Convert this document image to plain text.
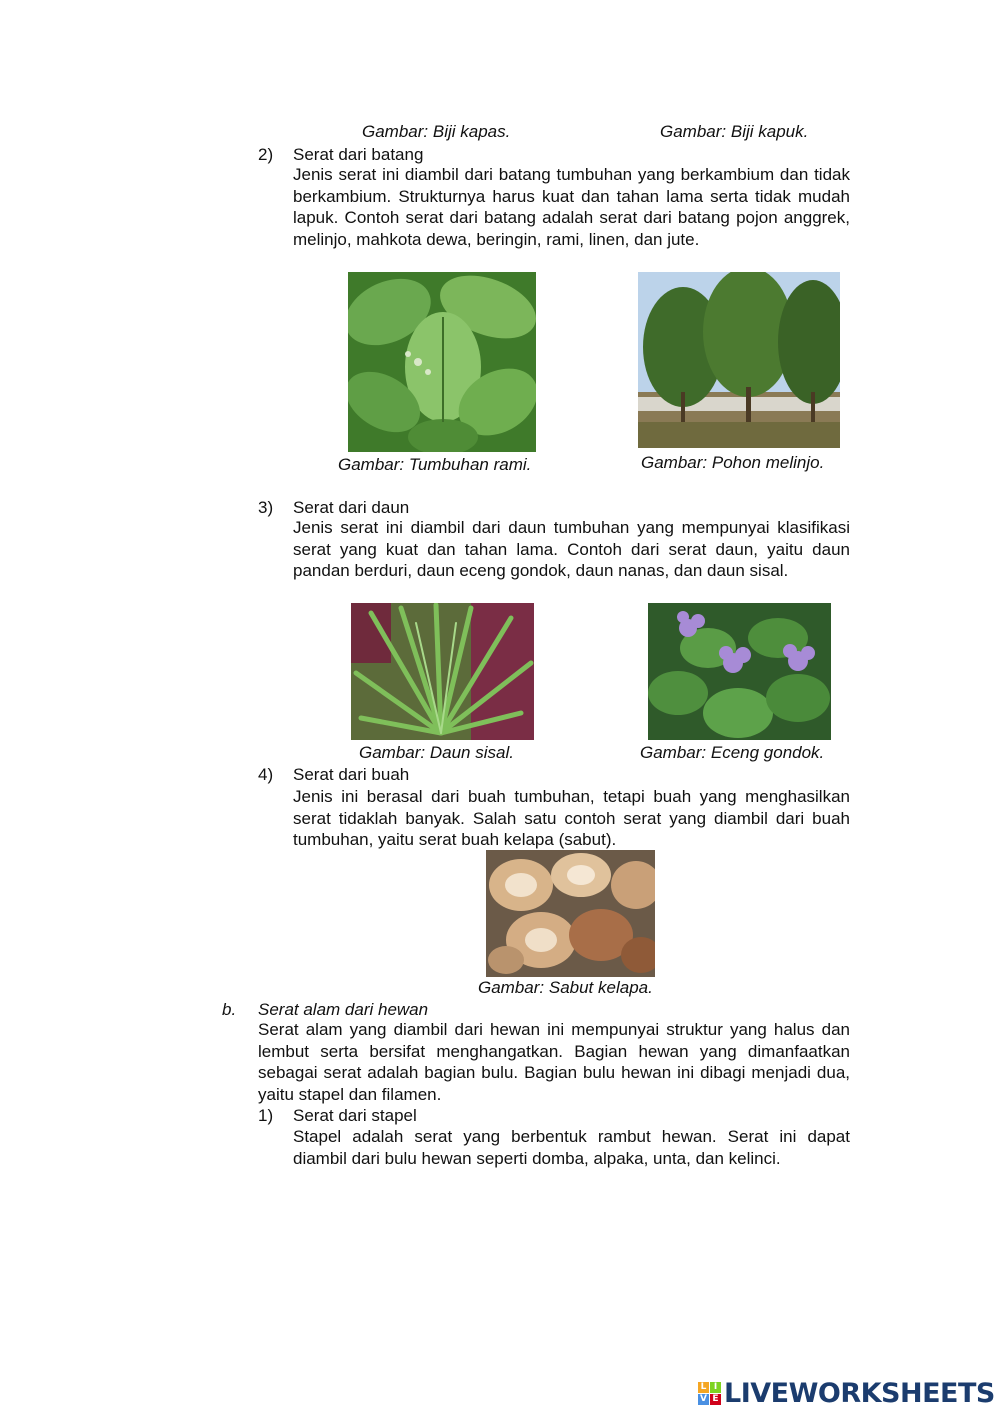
Gambar: Biji kapas.	Gambar: Biji kapuk.
2) Serat dari batang
Jenis serat ini diambil dari batang tumbuhan yang berkambium dan tidak berkambium. Strukturnya harus kuat dan tahan lama serta tidak mudah lapuk. Contoh serat dari batang adalah serat dari batang pojon anggrek, melinjo, mahkota dewa, beringin, rami, linen, dan jute.
Gambar: Tumbuhan rami.	Gambar: Pohon melinjo.
3) Serat dari daun
Jenis serat ini diambil dari daun tumbuhan yang mempunyai klasifikasi serat yang kuat dan tahan lama. Contoh dari serat daun, yaitu daun pandan berduri, daun eceng gondok, daun nanas, dan daun sisal.
Gambar: Daun sisal.	Gambar: Eceng gondok.
4) Serat dari buah
Jenis ini berasal dari buah tumbuhan, tetapi buah yang menghasilkan serat tidaklah banyak. Salah satu contoh serat yang diambil dari buah tumbuhan, yaitu serat buah kelapa (sabut).
Gambar: Sabut kelapa.
b. Serat alam dari hewan
Serat alam yang diambil dari hewan ini mempunyai struktur yang halus dan lembut serta bersifat menghangatkan. Bagian hewan yang dimanfaatkan sebagai serat adalah bagian bulu. Bagian bulu hewan ini dibagi menjadi dua, yaitu stapel dan filamen.
1) Serat dari stapel
Stapel adalah serat yang berbentuk rambut hewan. Serat ini dapat diambil dari bulu hewan seperti domba, alpaka, unta, dan kelinci.
L I
V E LIVEWORKSHEETS
